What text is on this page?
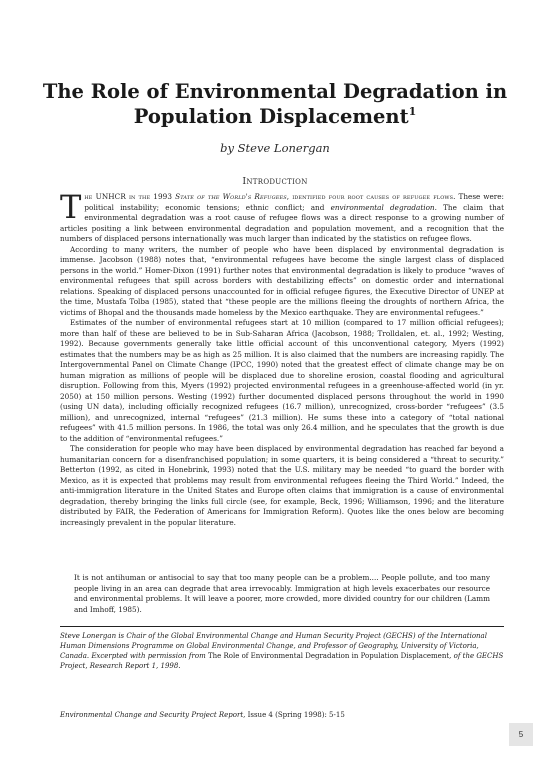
The Role of Environmental Degradation in
Population Displacement$^1$
by Steve Lonergan
Introduction

The UNHCR in the 1993 State of the World's Refugees, identified four root causes of refugee flows. These were: political instability; economic tensions; ethnic conflict; and environmental degradation. The claim that environmental degradation was a root cause of refugee flows was a direct response to a growing number of articles positing a link between environmental degradation and population movement, and a recognition that the numbers of displaced persons internationally was much larger than indicated by the statistics on refugee flows.

According to many writers, the number of people who have been displaced by environmental degradation is immense. Jacobson (1988) notes that, “environmental refugees have become the single largest class of displaced persons in the world.” Homer-Dixon (1991) further notes that environmental degradation is likely to produce “waves of environmental refugees that spill across borders with destabilizing effects” on domestic order and international relations. Speaking of displaced persons unaccounted for in official refugee figures, the Executive Director of UNEP at the time, Mustafa Tolba (1985), stated that “these people are the millions fleeing the droughts of northern Africa, the victims of Bhopal and the thousands made homeless by the Mexico earthquake. They are environmental refugees.”

Estimates of the number of environmental refugees start at 10 million (compared to 17 million official refugees); more than half of these are believed to be in Sub-Saharan Africa (Jacobson, 1988; Trolldalen, et. al., 1992; Westing, 1992). Because governments generally take little official account of this unconventional category, Myers (1992) estimates that the numbers may be as high as 25 million. It is also claimed that the numbers are increasing rapidly. The Intergovernmental Panel on Climate Change (IPCC, 1990) noted that the greatest effect of climate change may be on human migration as millions of people will be displaced due to shoreline erosion, coastal flooding and agricultural disruption. Following from this, Myers (1992) projected environmental refugees in a greenhouse-affected world (in yr. 2050) at 150 million persons. Westing (1992) further documented displaced persons throughout the world in 1990 (using UN data), including officially recognized refugees (16.7 million), unrecognized, cross-border “refugees” (3.5 million), and unrecognized, internal “refugees” (21.3 million). He sums these into a category of “total national refugees” with 41.5 million persons. In 1986, the total was only 26.4 million, and he speculates that the growth is due to the addition of “environmental refugees.”

The consideration for people who may have been displaced by environmental degradation has reached far beyond a humanitarian concern for a disenfranchised population; in some quarters, it is being considered a “threat to security.” Betterton (1992, as cited in Honebrink, 1993) noted that the U.S. military may be needed “to guard the border with Mexico, as it is expected that problems may result from environmental refugees fleeing the Third World.” Indeed, the anti-immigration literature in the United States and Europe often claims that immigration is a cause of environmental degradation, thereby bringing the links full circle (see, for example, Beck, 1996; Williamson, 1996; and the literature distributed by FAIR, the Federation of Americans for Immigration Reform). Quotes like the ones below are becoming increasingly prevalent in the popular literature.

It is not antihuman or antisocial to say that too many people can be a problem.... People pollute, and too many people living in an area can degrade that area irrevocably. Immigration at high levels exacerbates our resource and environmental problems. It will leave a poorer, more crowded, more divided country for our children (Lamm and Imhoff, 1985).

Steve Lonergan is Chair of the Global Environmental Change and Human Security Project (GECHS) of the International Human Dimensions Programme on Global Environmental Change, and Professor of Geography, University of Victoria, Canada. Excerpted with permission from The Role of Environmental Degradation in Population Displacement, of the GECHS Project, Research Report 1, 1998.

Environmental Change and Security Project Report, Issue 4 (Spring 1998): 5-15

5
